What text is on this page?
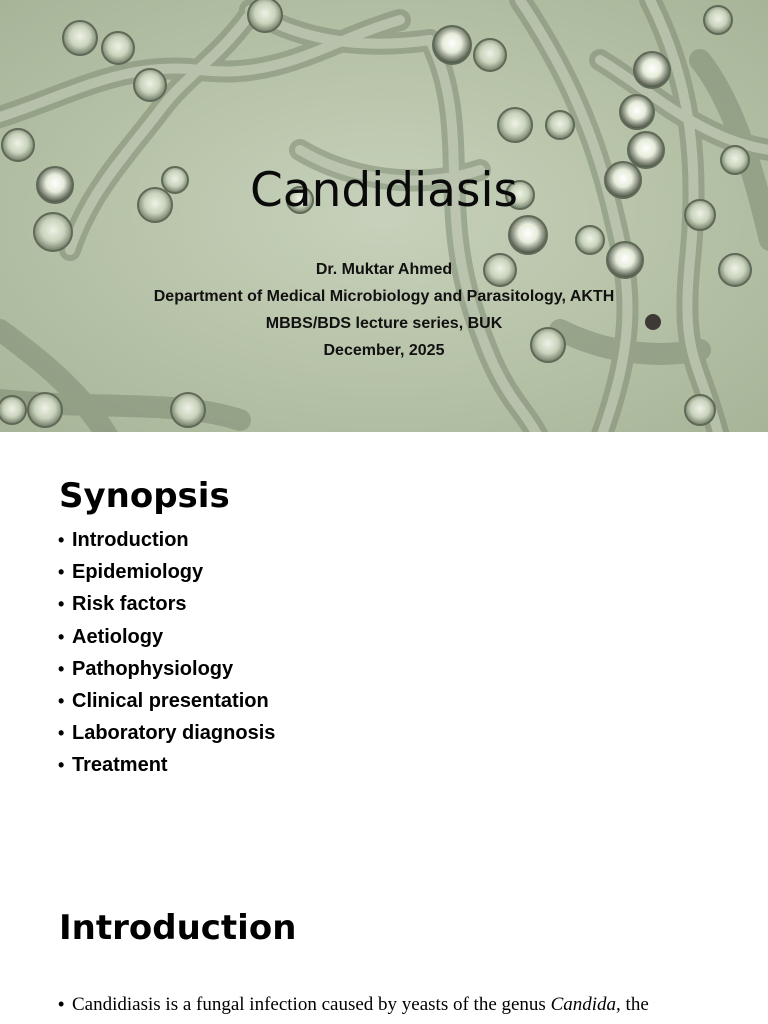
Candidiasis
Dr. Muktar Ahmed
Department of Medical Microbiology and Parasitology, AKTH
MBBS/BDS lecture series, BUK
December, 2025
Synopsis
• Introduction
• Epidemiology
• Risk factors
• Aetiology
• Pathophysiology
• Clinical presentation
• Laboratory diagnosis
• Treatment
Introduction
• Candidiasis is a fungal infection caused by yeasts of the genus Candida, the
